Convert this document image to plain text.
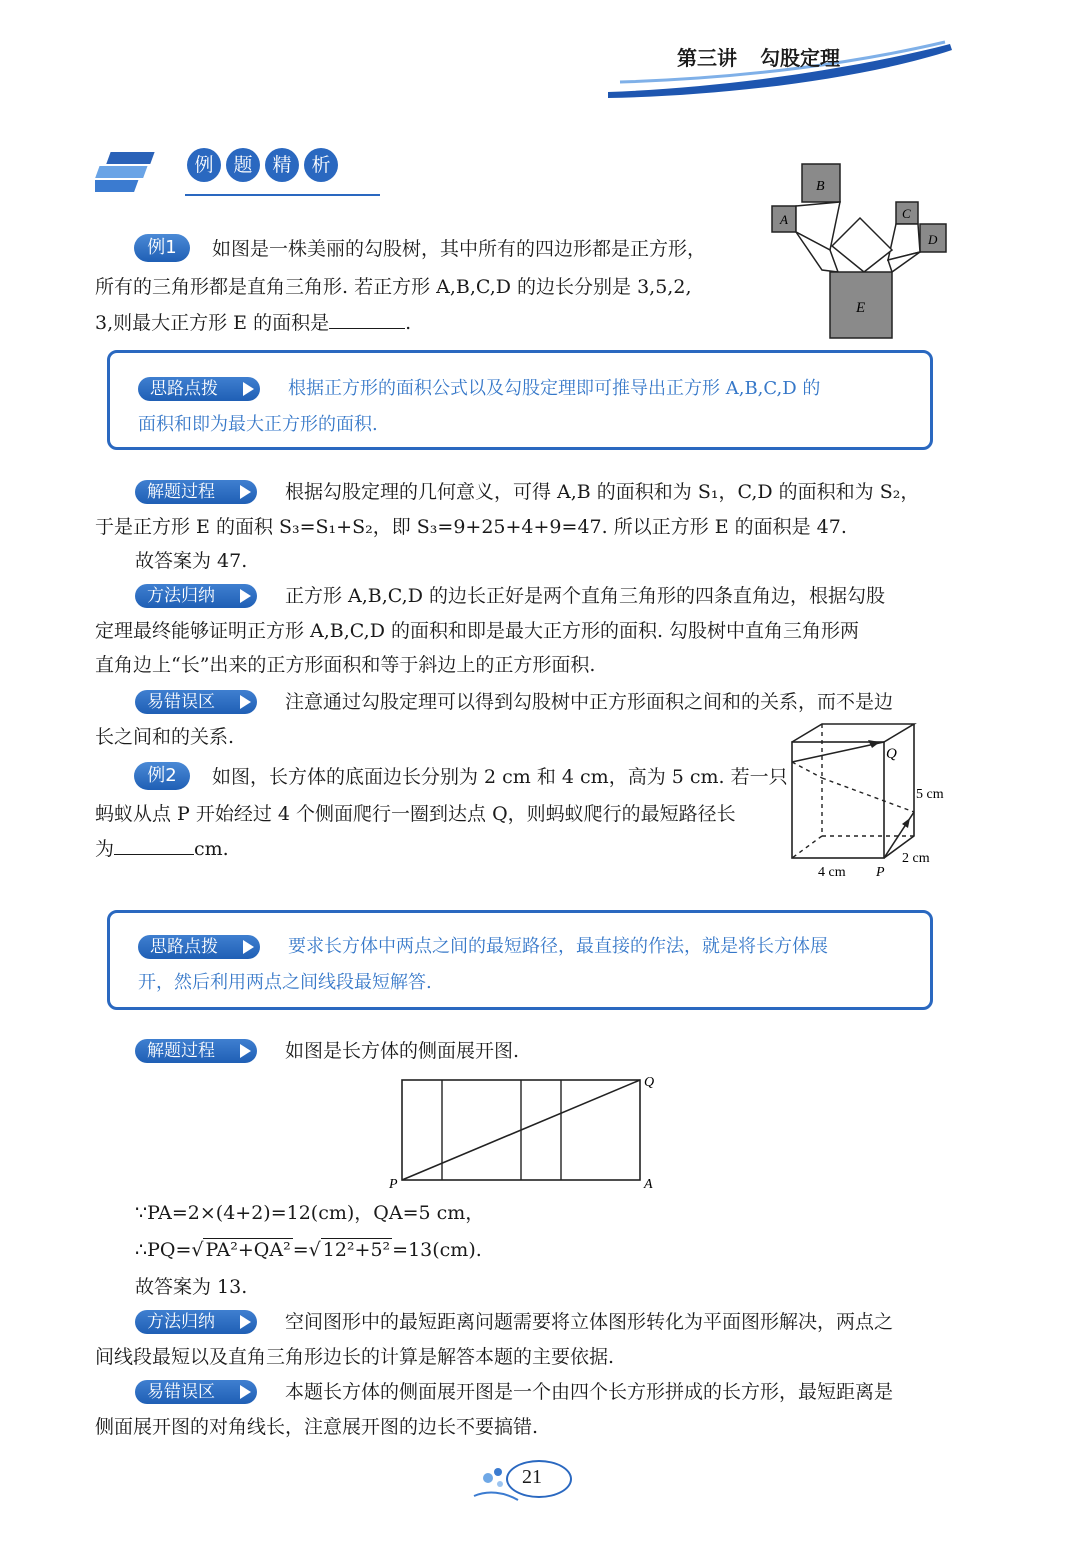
第三讲 勾股定理
例	题	精	析
B
A	C
D
E
例1	如图是一株美丽的勾股树，其中所有的四边形都是正方形，
所有的三角形都是直角三角形. 若正方形 A,B,C,D 的边长分别是 3,5,2,
3,则最大正方形 E 的面积是	.
思路点拨	根据正方形的面积公式以及勾股定理即可推导出正方形 A,B,C,D 的
面积和即为最大正方形的面积.
解题过程	根据勾股定理的几何意义，可得 A,B 的面积和为 S₁，C,D 的面积和为 S₂，
于是正方形 E 的面积 S₃=S₁+S₂，即 S₃=9+25+4+9=47. 所以正方形 E 的面积是 47.
故答案为 47.
方法归纳	正方形 A,B,C,D 的边长正好是两个直角三角形的四条直角边，根据勾股
定理最终能够证明正方形 A,B,C,D 的面积和即是最大正方形的面积. 勾股树中直角三角形两
直角边上“长”出来的正方形面积和等于斜边上的正方形面积.
易错误区	注意通过勾股定理可以得到勾股树中正方形面积之间和的关系，而不是边
长之间和的关系.
Q
P
5 cm
2 cm
4 cm
例2	如图，长方体的底面边长分别为 2 cm 和 4 cm，高为 5 cm. 若一只
蚂蚁从点 P 开始经过 4 个侧面爬行一圈到达点 Q，则蚂蚁爬行的最短路径长
为	cm.
思路点拨	要求长方体中两点之间的最短路径，最直接的作法，就是将长方体展
开，然后利用两点之间线段最短解答.
解题过程	如图是长方体的侧面展开图.
Q
P	A
∵PA=2×(4+2)=12(cm)，QA=5 cm，
∴PQ=√ PA²+QA² =√ 12²+5² =13(cm).
故答案为 13.
方法归纳	空间图形中的最短距离问题需要将立体图形转化为平面图形解决，两点之
间线段最短以及直角三角形边长的计算是解答本题的主要依据.
易错误区	本题长方体的侧面展开图是一个由四个长方形拼成的长方形，最短距离是
侧面展开图的对角线长，注意展开图的边长不要搞错.
21
